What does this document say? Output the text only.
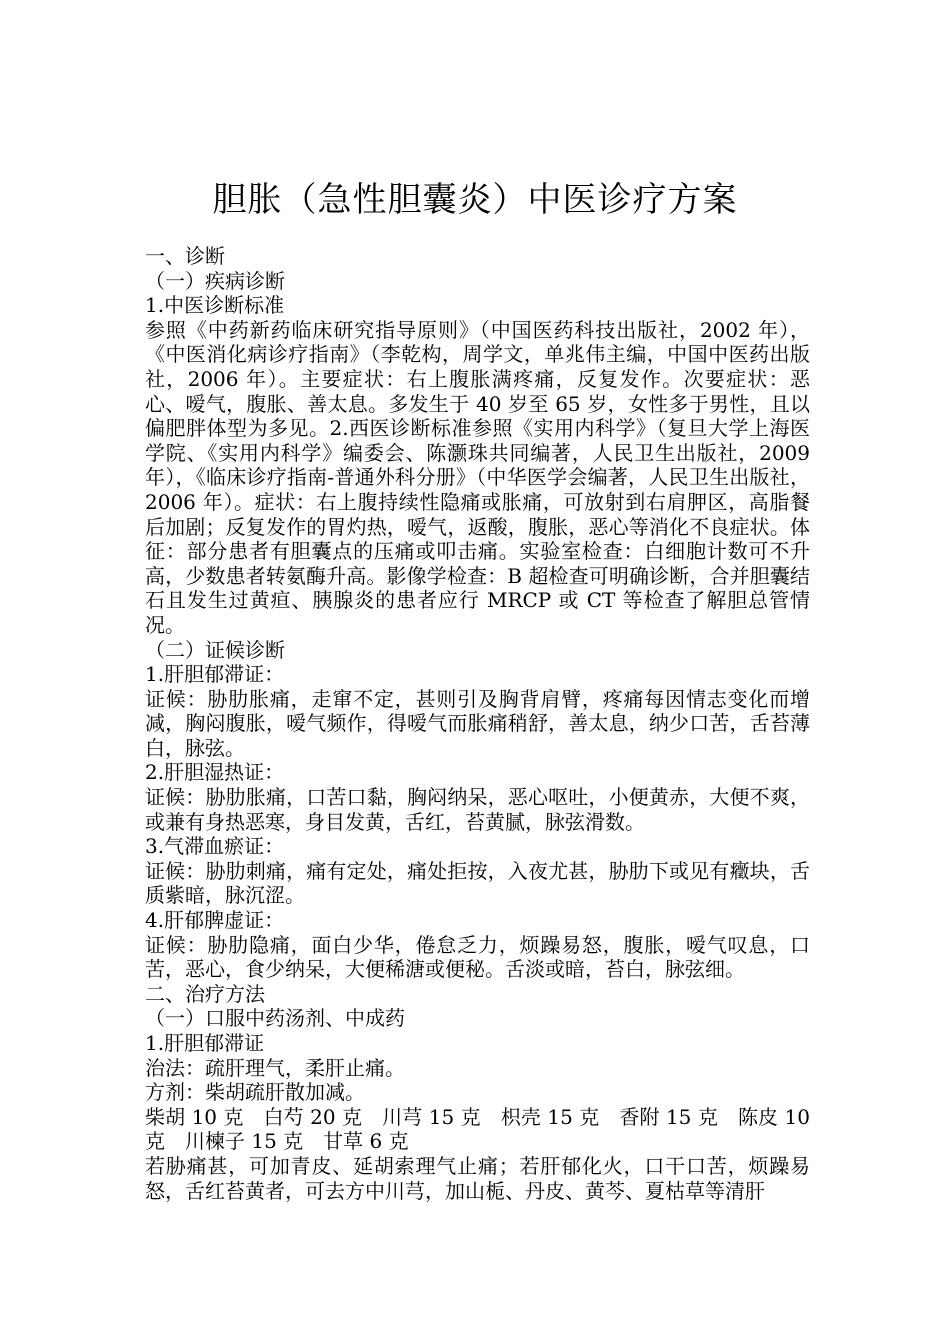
胆胀（急性胆囊炎）中医诊疗方案

一、诊断

（一）疾病诊断

1.中医诊断标准

参照《中药新药临床研究指导原则》（中国医药科技出版社，2002 年），《中医消化病诊疗指南》（李乾构，周学文，单兆伟主编，中国中医药出版社，2006 年）。主要症状：右上腹胀满疼痛，反复发作。次要症状：恶心、嗳气，腹胀、善太息。多发生于 40 岁至 65 岁，女性多于男性，且以偏肥胖体型为多见。2.西医诊断标准参照《实用内科学》（复旦大学上海医学院、《实用内科学》编委会、陈灏珠共同编著，人民卫生出版社，2009 年），《临床诊疗指南-普通外科分册》（中华医学会编著，人民卫生出版社，2006 年）。症状：右上腹持续性隐痛或胀痛，可放射到右肩胛区，高脂餐后加剧；反复发作的胃灼热，嗳气，返酸，腹胀，恶心等消化不良症状。体征：部分患者有胆囊点的压痛或叩击痛。实验室检查：白细胞计数可不升高，少数患者转氨酶升高。影像学检查：B 超检查可明确诊断，合并胆囊结石且发生过黄疸、胰腺炎的患者应行 MRCP 或 CT 等检查了解胆总管情况。

（二）证候诊断

1.肝胆郁滞证：

证候：胁肋胀痛，走窜不定，甚则引及胸背肩臂，疼痛每因情志变化而增减，胸闷腹胀，嗳气频作，得嗳气而胀痛稍舒，善太息，纳少口苦，舌苔薄白，脉弦。

2.肝胆湿热证：

证候：胁肋胀痛，口苦口黏，胸闷纳呆，恶心呕吐，小便黄赤，大便不爽，或兼有身热恶寒，身目发黄，舌红，苔黄腻，脉弦滑数。

3.气滞血瘀证：

证候：胁肋刺痛，痛有定处，痛处拒按，入夜尤甚，胁肋下或见有癥块，舌质紫暗，脉沉涩。

4.肝郁脾虚证：

证候：胁肋隐痛，面白少华，倦怠乏力，烦躁易怒，腹胀，嗳气叹息，口苦，恶心，食少纳呆，大便稀溏或便秘。舌淡或暗，苔白，脉弦细。

二、治疗方法

（一）口服中药汤剂、中成药

1.肝胆郁滞证

治法：疏肝理气，柔肝止痛。

方剂：柴胡疏肝散加减。

柴胡 10 克　白芍 20 克　川芎 15 克　枳壳 15 克　香附 15 克　陈皮 10 克　川楝子 15 克　甘草 6 克

若胁痛甚，可加青皮、延胡索理气止痛；若肝郁化火，口干口苦，烦躁易怒，舌红苔黄者，可去方中川芎，加山栀、丹皮、黄芩、夏枯草等清肝
